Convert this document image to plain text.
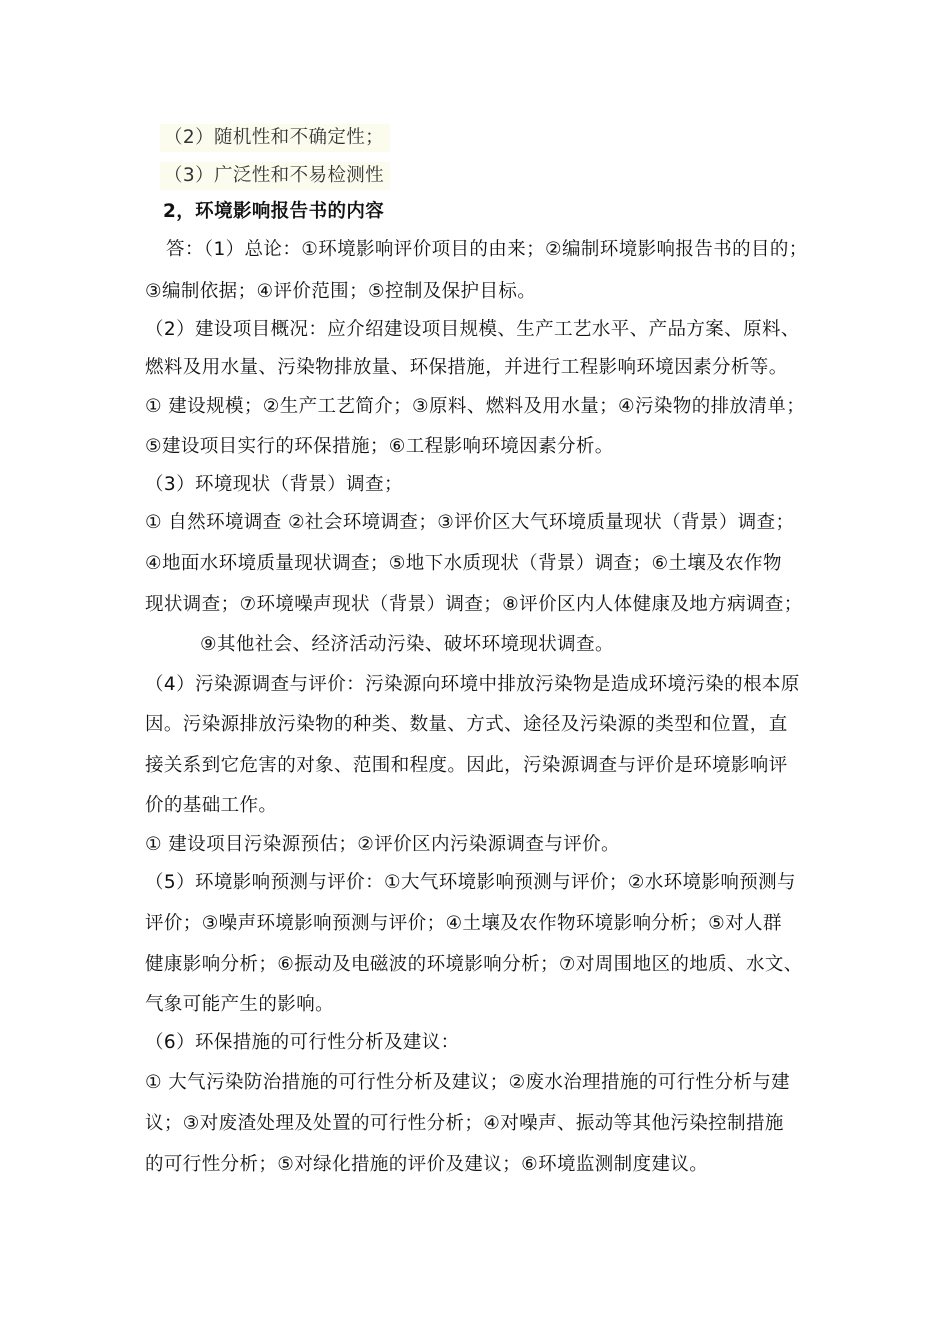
（2）随机性和不确定性；
（3）广泛性和不易检测性
2，环境影响报告书的内容
答：（1）总论：①环境影响评价项目的由来；②编制环境影响报告书的目的；
③编制依据；④评价范围；⑤控制及保护目标。
（2）建设项目概况：应介绍建设项目规模、生产工艺水平、产品方案、原料、
燃料及用水量、污染物排放量、环保措施，并进行工程影响环境因素分析等。
① 建设规模；②生产工艺简介；③原料、燃料及用水量；④污染物的排放清单；
⑤建设项目实行的环保措施；⑥工程影响环境因素分析。
（3）环境现状（背景）调查；
① 自然环境调查 ②社会环境调查；③评价区大气环境质量现状（背景）调查；
④地面水环境质量现状调查；⑤地下水质现状（背景）调查；⑥土壤及农作物
现状调查；⑦环境噪声现状（背景）调查；⑧评价区内人体健康及地方病调查；
⑨其他社会、经济活动污染、破坏环境现状调查。
（4）污染源调查与评价：污染源向环境中排放污染物是造成环境污染的根本原
因。污染源排放污染物的种类、数量、方式、途径及污染源的类型和位置，直
接关系到它危害的对象、范围和程度。因此，污染源调查与评价是环境影响评
价的基础工作。
① 建设项目污染源预估；②评价区内污染源调查与评价。
（5）环境影响预测与评价：①大气环境影响预测与评价；②水环境影响预测与
评价；③噪声环境影响预测与评价；④土壤及农作物环境影响分析；⑤对人群
健康影响分析；⑥振动及电磁波的环境影响分析；⑦对周围地区的地质、水文、
气象可能产生的影响。
（6）环保措施的可行性分析及建议：
① 大气污染防治措施的可行性分析及建议；②废水治理措施的可行性分析与建
议；③对废渣处理及处置的可行性分析；④对噪声、振动等其他污染控制措施
的可行性分析；⑤对绿化措施的评价及建议；⑥环境监测制度建议。
